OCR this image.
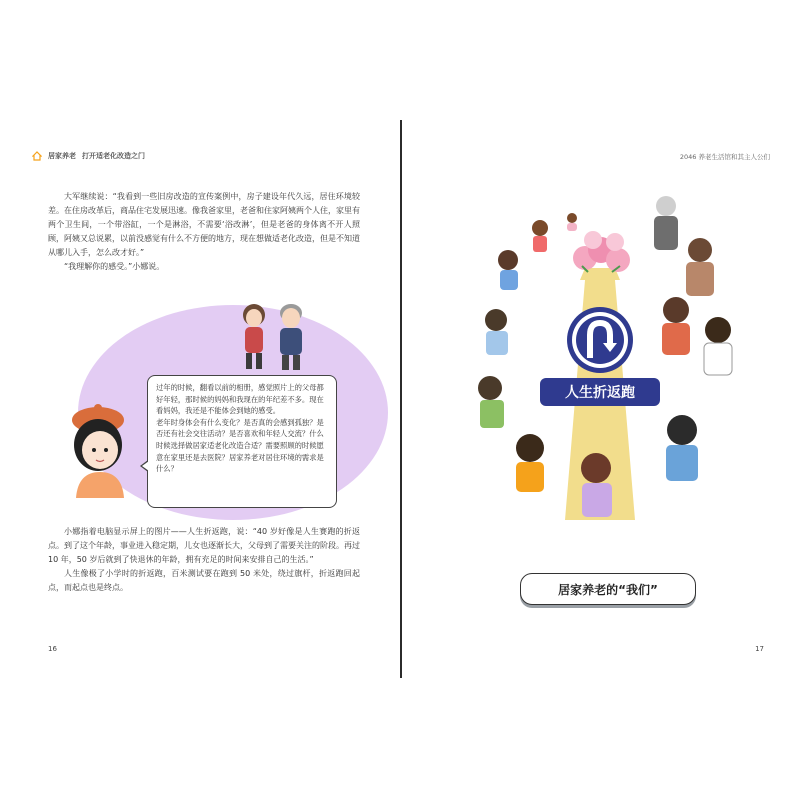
居家养老 打开适老化改造之门

大军继续说：“我看到一些旧房改造的宣传案例中，房子建设年代久远，居住环境较差。在住房改革后，商品住宅发展迅速。像我爸家里，老爸和住家阿姨两个人住，家里有两个卫生间，一个带浴缸，一个是淋浴，不需要‘浴改淋’，但是老爸的身体离不开人照顾，阿姨又总说累，以前没感觉有什么不方便的地方，现在想做适老化改造，但是不知道从哪儿入手，怎么改才好。”

“我理解你的感受。”小娜说。

过年的时候，翻看以前的相册，感觉照片上的父母都好年轻，那时候的妈妈和我现在的年纪差不多。现在看妈妈，我还是不能体会到她的感受。

老年时身体会有什么变化？是否真的会感到孤独？是否还有社会交往活动？是否喜欢和年轻人交流？什么时候选择做居家适老化改造合适？需要照顾的时候愿意在家里还是去医院？居家养老对居住环境的需求是什么？

小娜指着电脑显示屏上的图片——人生折返跑，说：“40 岁好像是人生赛跑的折返点。到了这个年龄，事业进入稳定期，儿女也逐渐长大，父母到了需要关注的阶段。再过 10 年，50 岁后就到了快退休的年龄，拥有充足的时间来安排自己的生活。”

人生像极了小学时的折返跑，百米测试要在跑到 50 米处，绕过旗杆，折返跑回起点，而起点也是终点。

16
2046 养老生活馆和其主人公们
17
人生折返跑
居家养老的“我们”
